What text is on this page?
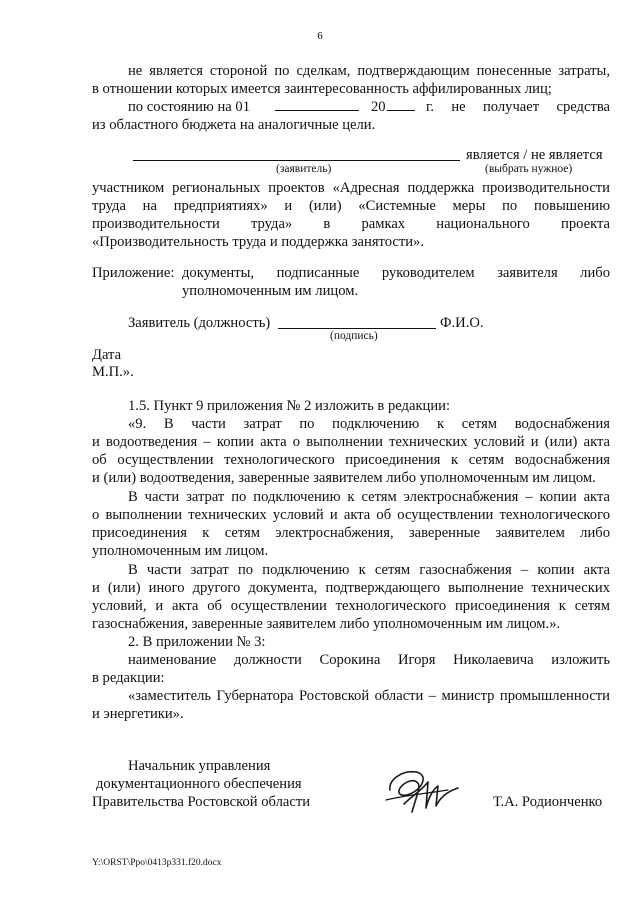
6

не является стороной по сделкам, подтверждающим понесенные затраты,

в отношении которых имеется заинтересованность аффилированных лиц;

по состоянию на 01	20	г. не получает средства

из областного бюджета на аналогичные цели.

является / не является
(заявитель)	(выбрать нужное)

участником региональных проектов «Адресная поддержка производительности

труда на предприятиях» и (или) «Системные меры по повышению

производительности труда» в рамках национального проекта

«Производительность труда и поддержка занятости».

Приложение: документы, подписанные руководителем заявителя либо

уполномоченным им лицом.

Заявитель (должность)	Ф.И.О.
(подпись)
Дата
М.П.».

1.5. Пункт 9 приложения № 2 изложить в редакции:

«9. В части затрат по подключению к сетям водоснабжения

и водоотведения – копии акта о выполнении технических условий и (или) акта

об осуществлении технологического присоединения к сетям водоснабжения

и (или) водоотведения, заверенные заявителем либо уполномоченным им лицом.

В части затрат по подключению к сетям электроснабжения – копии акта

о выполнении технических условий и акта об осуществлении технологического

присоединения к сетям электроснабжения, заверенные заявителем либо

уполномоченным им лицом.

В части затрат по подключению к сетям газоснабжения – копии акта

и (или) иного другого документа, подтверждающего выполнение технических

условий, и акта об осуществлении технологического присоединения к сетям

газоснабжения, заверенные заявителем либо уполномоченным им лицом.».

2. В приложении № 3:

наименование должности Сорокина Игоря Николаевича изложить

в редакции:

«заместитель Губернатора Ростовской области – министр промышленности

и энергетики».

Начальник управления
документационного обеспечения
Правительства Ростовской области	Т.А. Родионченко
Y:\ORST\Ppo\0413p331.f20.docx
